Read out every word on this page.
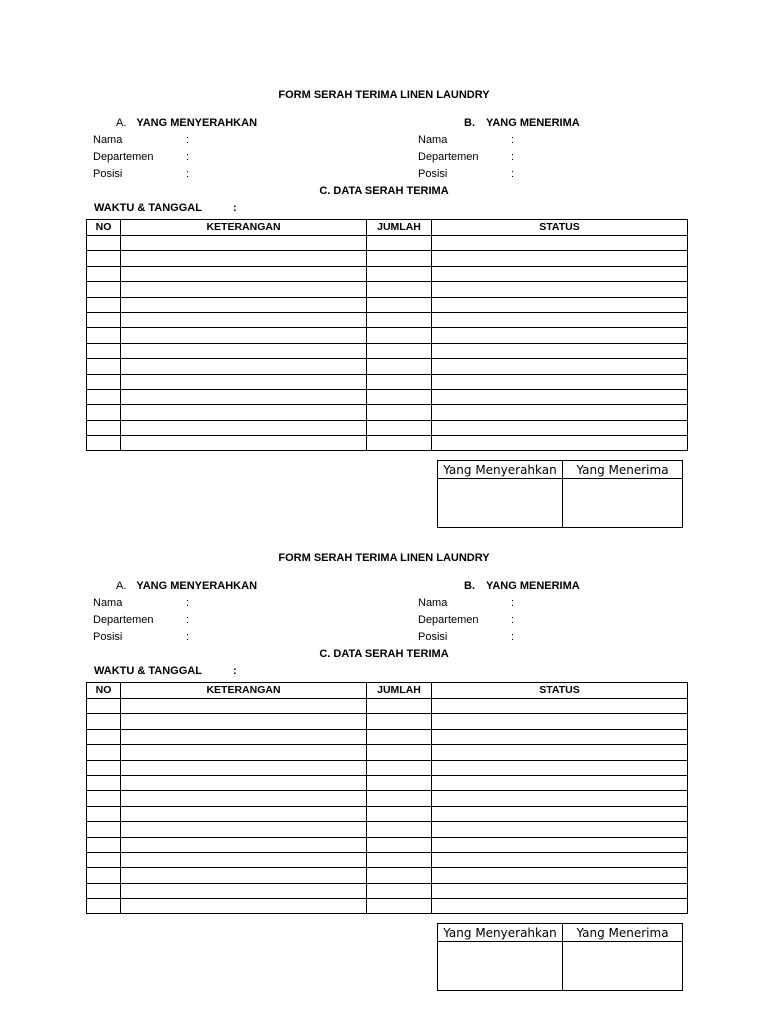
FORM SERAH TERIMA LINEN LAUNDRY
A. YANG MENYERAHKAN	B. YANG MENERIMA
Nama	:
Departemen	:
Posisi	:
Nama	:
Departemen	:
Posisi	:
C. DATA SERAH TERIMA
WAKTU & TANGGAL	:
NO	KETERANGAN	JUMLAH	STATUS

Yang Menyerahkan	Yang Menerima

FORM SERAH TERIMA LINEN LAUNDRY
A. YANG MENYERAHKAN	B. YANG MENERIMA
Nama	:
Departemen	:
Posisi	:
Nama	:
Departemen	:
Posisi	:
C. DATA SERAH TERIMA
WAKTU & TANGGAL	:
NO	KETERANGAN	JUMLAH	STATUS

Yang Menyerahkan	Yang Menerima
